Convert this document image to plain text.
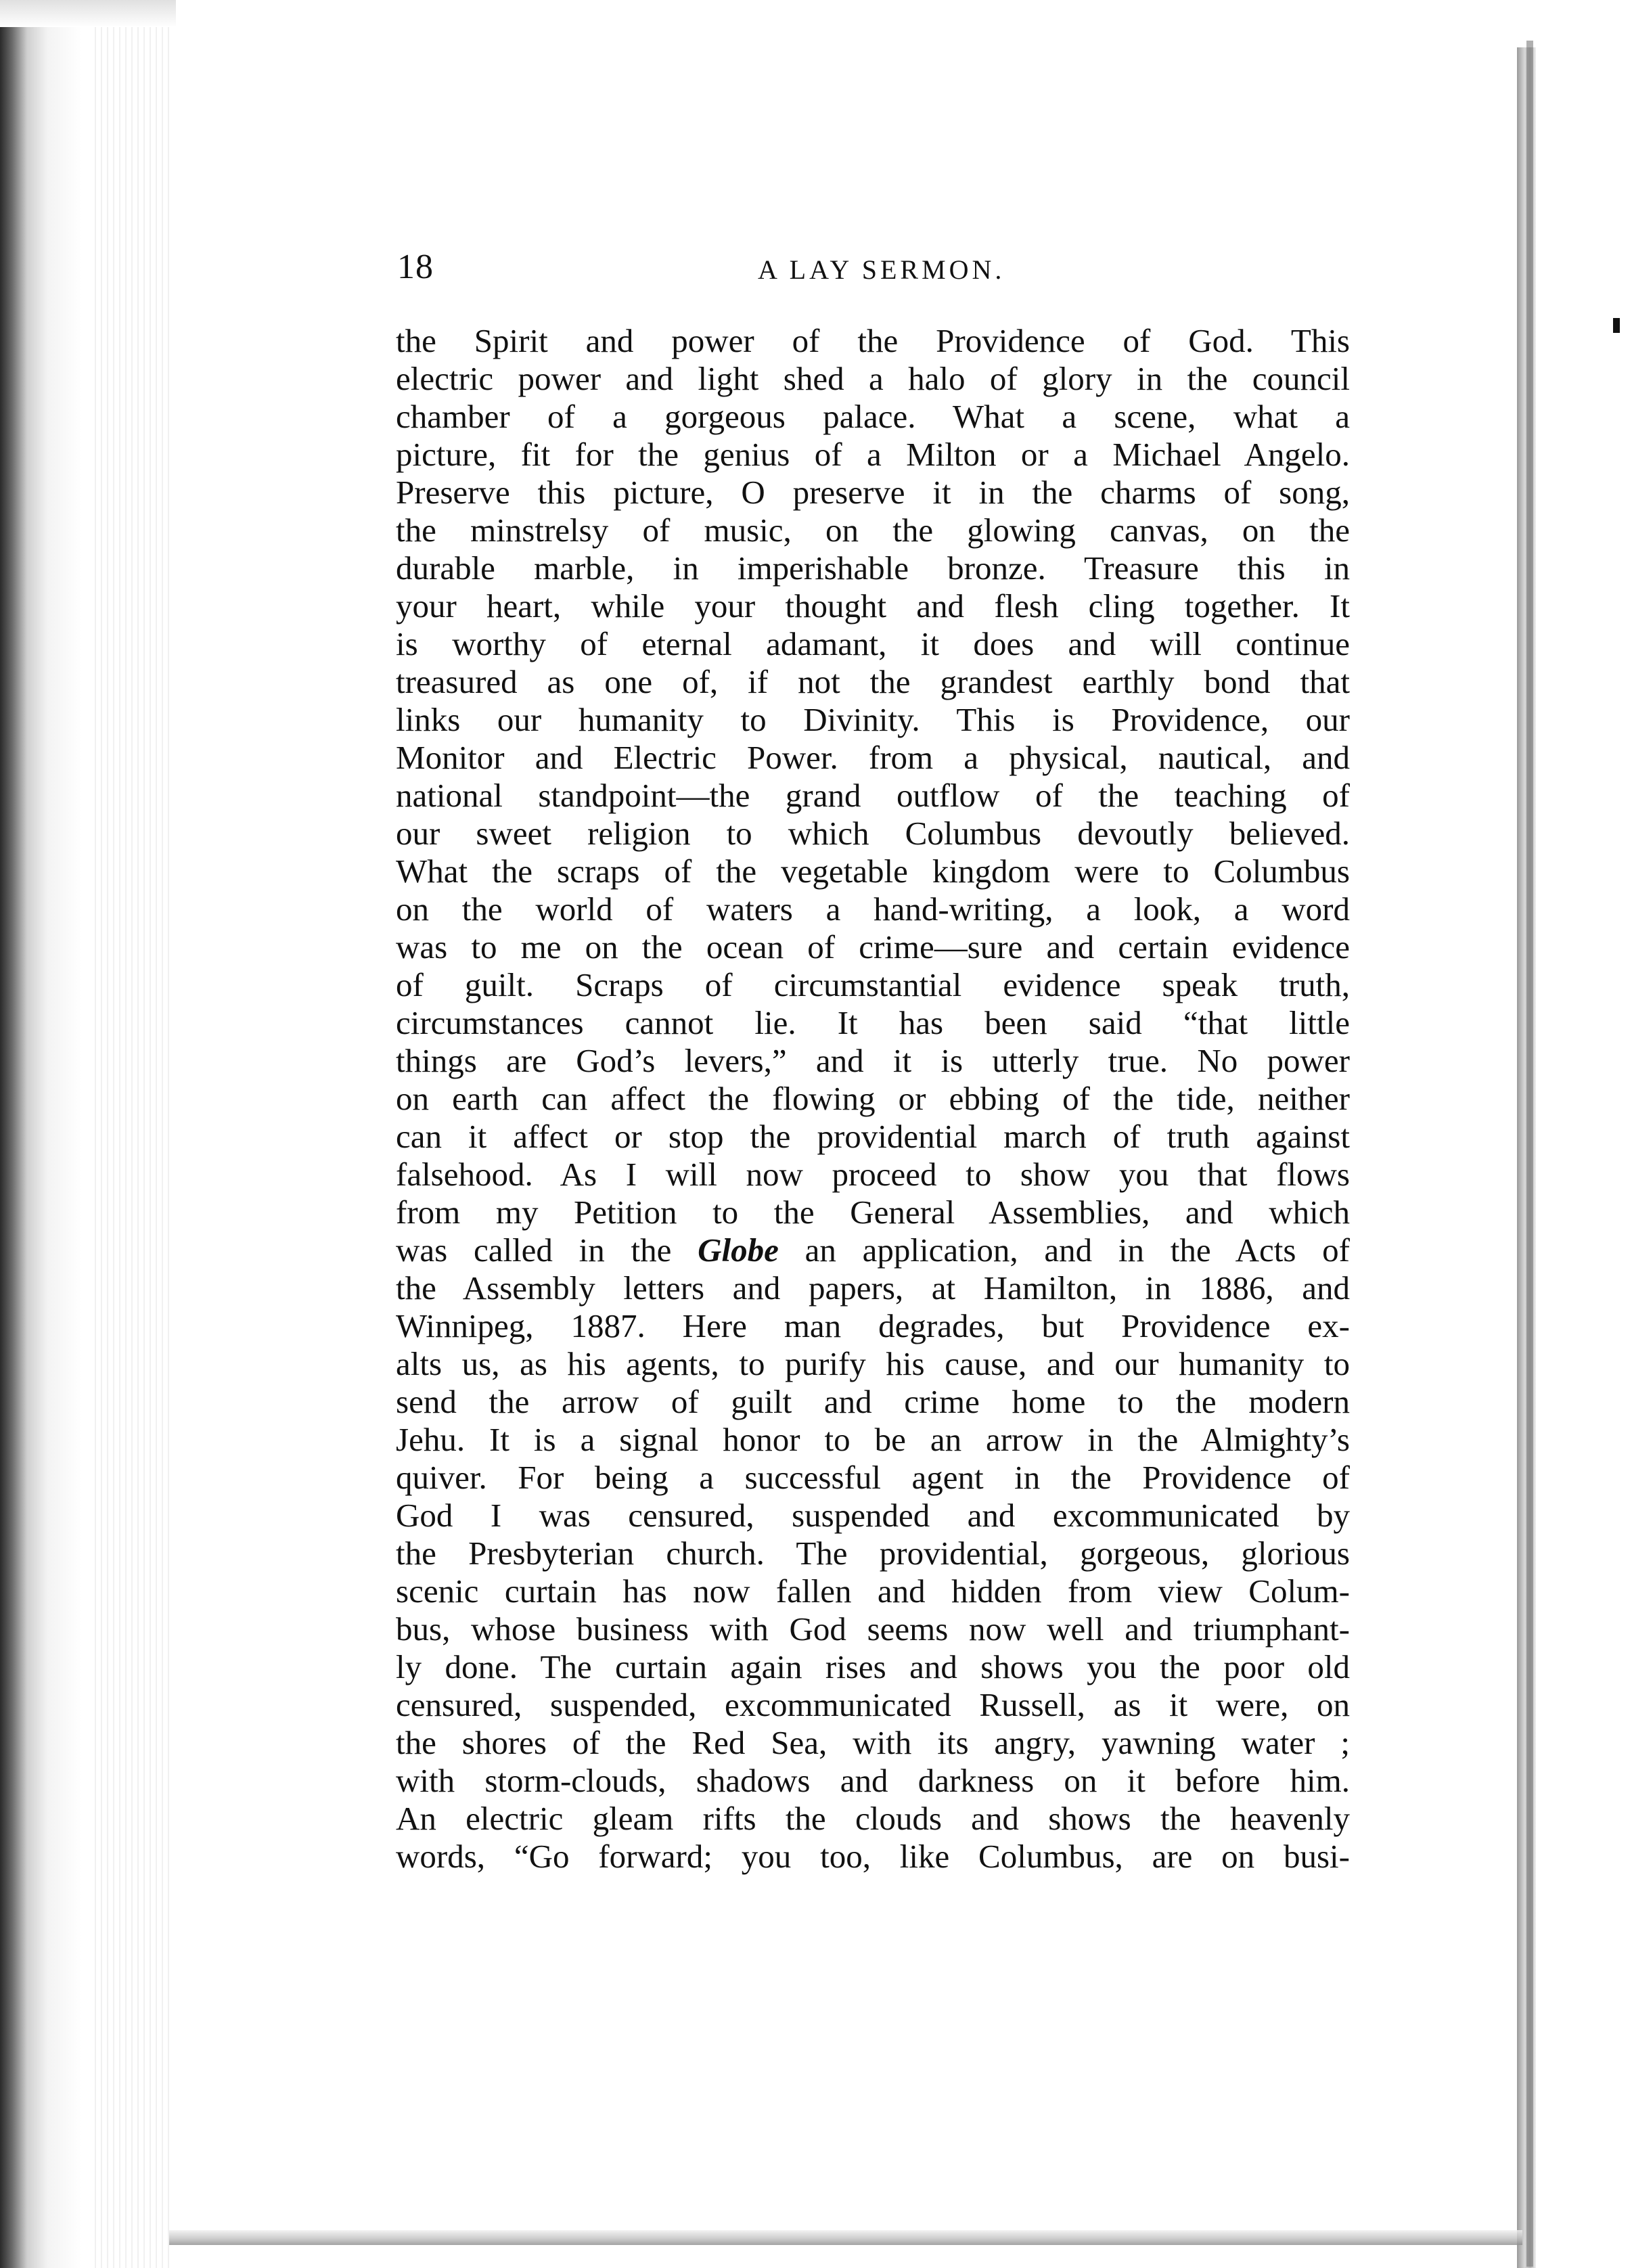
18	A LAY SERMON.
the Spirit and power of the Providence of God. This
electric power and light shed a halo of glory in the council
chamber of a gorgeous palace. What a scene, what a
picture, fit for the genius of a Milton or a Michael Angelo.
Preserve this picture, O preserve it in the charms of song,
the minstrelsy of music, on the glowing canvas, on the
durable marble, in imperishable bronze. Treasure this in
your heart, while your thought and flesh cling together. It
is worthy of eternal adamant, it does and will continue
treasured as one of, if not the grandest earthly bond that
links our humanity to Divinity. This is Providence, our
Monitor and Electric Power. from a physical, nautical, and
national standpoint—the grand outflow of the teaching of
our sweet religion to which Columbus devoutly believed.
What the scraps of the vegetable kingdom were to Columbus
on the world of waters a hand-writing, a look, a word
was to me on the ocean of crime—sure and certain evidence
of guilt. Scraps of circumstantial evidence speak truth,
circumstances cannot lie. It has been said “that little
things are God’s levers,” and it is utterly true. No power
on earth can affect the flowing or ebbing of the tide, neither
can it affect or stop the providential march of truth against
falsehood. As I will now proceed to show you that flows
from my Petition to the General Assemblies, and which
was called in the Globe an application, and in the Acts of
the Assembly letters and papers, at Hamilton, in 1886, and
Winnipeg, 1887. Here man degrades, but Providence ex-
alts us, as his agents, to purify his cause, and our humanity to
send the arrow of guilt and crime home to the modern
Jehu. It is a signal honor to be an arrow in the Almighty’s
quiver. For being a successful agent in the Providence of
God I was censured, suspended and excommunicated by
the Presbyterian church. The providential, gorgeous, glorious
scenic curtain has now fallen and hidden from view Colum-
bus, whose business with God seems now well and triumphant-
ly done. The curtain again rises and shows you the poor old
censured, suspended, excommunicated Russell, as it were, on
the shores of the Red Sea, with its angry, yawning water ;
with storm-clouds, shadows and darkness on it before him.
An electric gleam rifts the clouds and shows the heavenly
words, “Go forward; you too, like Columbus, are on busi-
